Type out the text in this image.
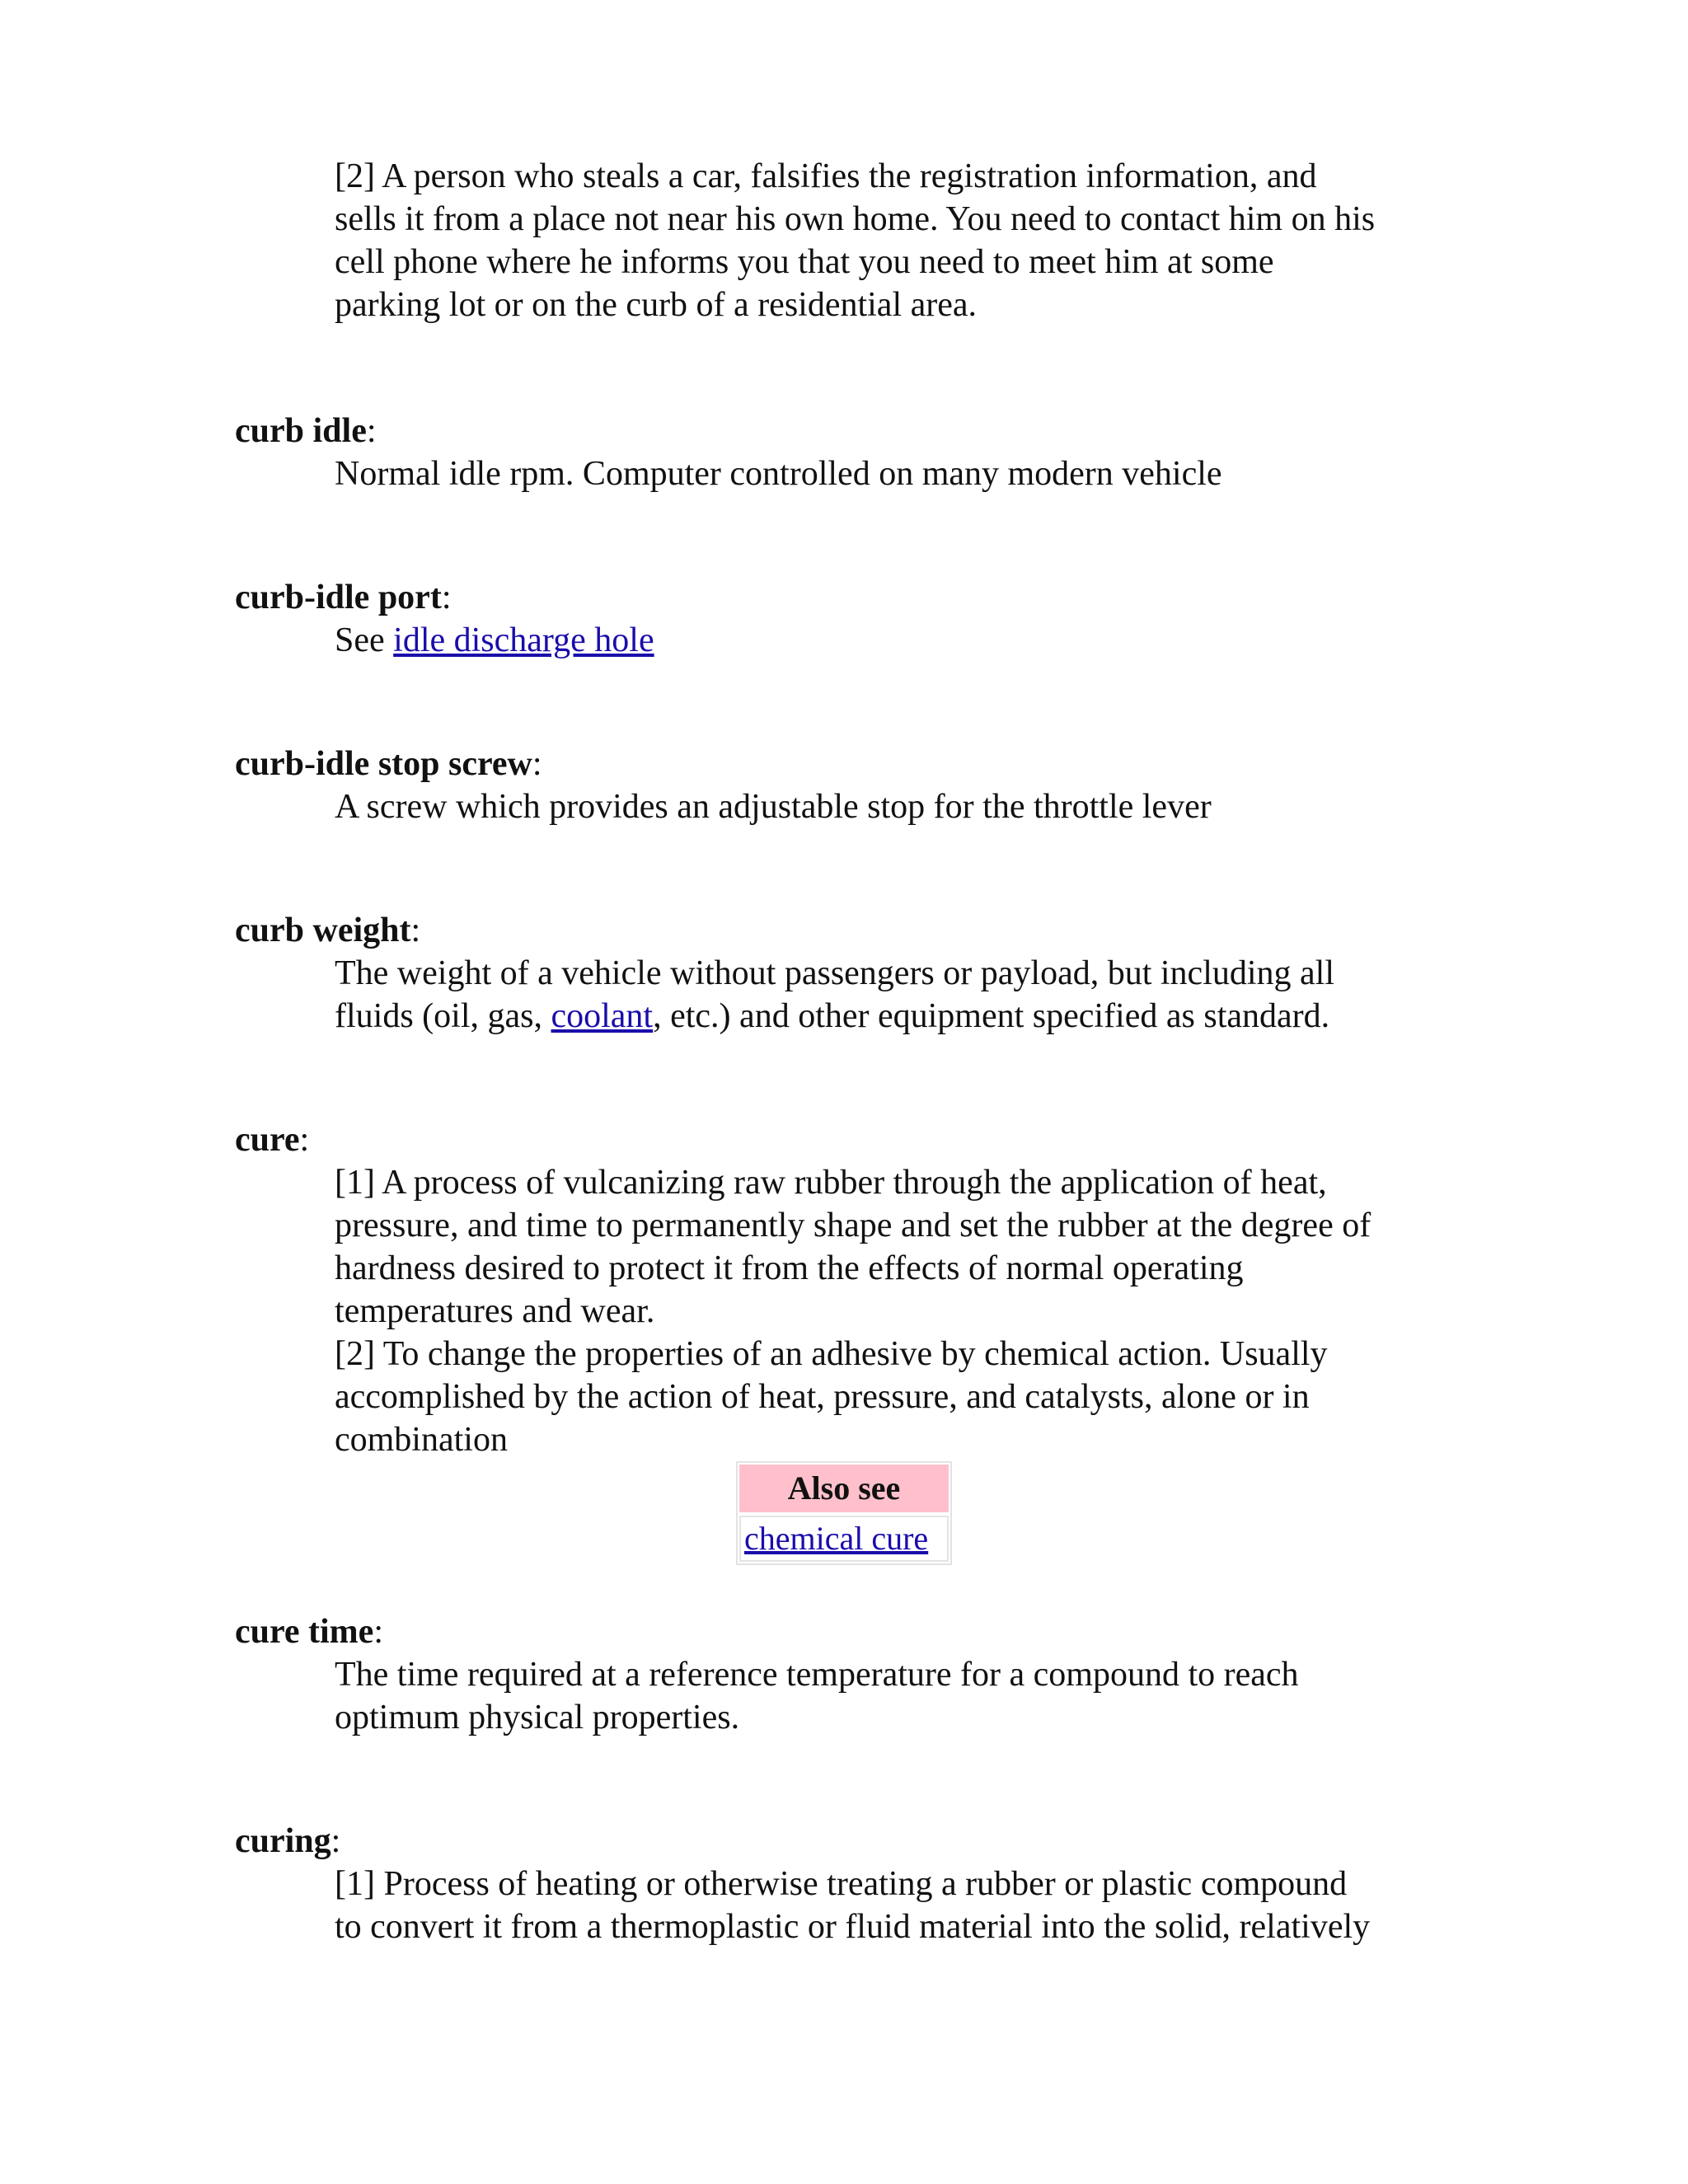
[2] A person who steals a car, falsifies the registration information, and

sells it from a place not near his own home. You need to contact him on his

cell phone where he informs you that you need to meet him at some

parking lot or on the curb of a residential area.

curb idle:

Normal idle rpm. Computer controlled on many modern vehicle

curb-idle port:

See idle discharge hole

curb-idle stop screw:

A screw which provides an adjustable stop for the throttle lever

curb weight:

The weight of a vehicle without passengers or payload, but including all

fluids (oil, gas, coolant, etc.) and other equipment specified as standard.

cure:

[1] A process of vulcanizing raw rubber through the application of heat,

pressure, and time to permanently shape and set the rubber at the degree of

hardness desired to protect it from the effects of normal operating

temperatures and wear.

[2] To change the properties of an adhesive by chemical action. Usually

accomplished by the action of heat, pressure, and catalysts, alone or in

combination

Also see
chemical cure

cure time:

The time required at a reference temperature for a compound to reach

optimum physical properties.

curing:

[1] Process of heating or otherwise treating a rubber or plastic compound

to convert it from a thermoplastic or fluid material into the solid, relatively
